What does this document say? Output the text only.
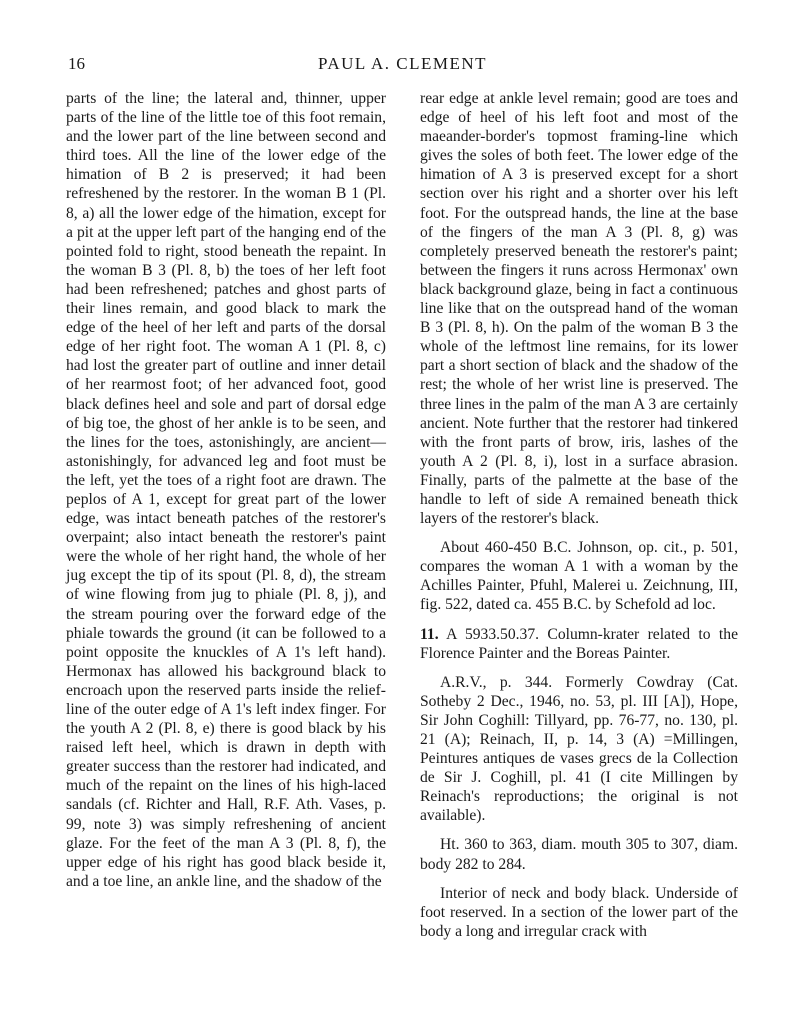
16	PAUL A. CLEMENT

parts of the line; the lateral and, thinner, upper parts of the line of the little toe of this foot remain, and the lower part of the line between second and third toes. All the line of the lower edge of the himation of B 2 is preserved; it had been refreshened by the restorer. In the woman B 1 (Pl. 8, a) all the lower edge of the himation, except for a pit at the upper left part of the hanging end of the pointed fold to right, stood beneath the repaint. In the woman B 3 (Pl. 8, b) the toes of her left foot had been refreshened; patches and ghost parts of their lines remain, and good black to mark the edge of the heel of her left and parts of the dorsal edge of her right foot. The woman A 1 (Pl. 8, c) had lost the greater part of outline and inner detail of her rearmost foot; of her advanced foot, good black defines heel and sole and part of dorsal edge of big toe, the ghost of her ankle is to be seen, and the lines for the toes, astonishingly, are ancient—astonishingly, for advanced leg and foot must be the left, yet the toes of a right foot are drawn. The peplos of A 1, except for great part of the lower edge, was intact beneath patches of the restorer's overpaint; also intact beneath the restorer's paint were the whole of her right hand, the whole of her jug except the tip of its spout (Pl. 8, d), the stream of wine flowing from jug to phiale (Pl. 8, j), and the stream pouring over the forward edge of the phiale towards the ground (it can be followed to a point opposite the knuckles of A 1's left hand). Hermonax has allowed his background black to encroach upon the reserved parts inside the relief-line of the outer edge of A 1's left index finger. For the youth A 2 (Pl. 8, e) there is good black by his raised left heel, which is drawn in depth with greater success than the restorer had indicated, and much of the repaint on the lines of his high-laced sandals (cf. Richter and Hall, R.F. Ath. Vases, p. 99, note 3) was simply refreshening of ancient glaze. For the feet of the man A 3 (Pl. 8, f), the upper edge of his right has good black beside it, and a toe line, an ankle line, and the shadow of the

rear edge at ankle level remain; good are toes and edge of heel of his left foot and most of the maeander-border's topmost framing-line which gives the soles of both feet. The lower edge of the himation of A 3 is preserved except for a short section over his right and a shorter over his left foot. For the outspread hands, the line at the base of the fingers of the man A 3 (Pl. 8, g) was completely preserved beneath the restorer's paint; between the fingers it runs across Hermonax' own black background glaze, being in fact a continuous line like that on the outspread hand of the woman B 3 (Pl. 8, h). On the palm of the woman B 3 the whole of the leftmost line remains, for its lower part a short section of black and the shadow of the rest; the whole of her wrist line is preserved. The three lines in the palm of the man A 3 are certainly ancient. Note further that the restorer had tinkered with the front parts of brow, iris, lashes of the youth A 2 (Pl. 8, i), lost in a surface abrasion. Finally, parts of the palmette at the base of the handle to left of side A remained beneath thick layers of the restorer's black.

About 460-450 B.C. Johnson, op. cit., p. 501, compares the woman A 1 with a woman by the Achilles Painter, Pfuhl, Malerei u. Zeichnung, III, fig. 522, dated ca. 455 B.C. by Schefold ad loc.

11. A 5933.50.37. Column-krater related to the Florence Painter and the Boreas Painter.

A.R.V., p. 344. Formerly Cowdray (Cat. Sotheby 2 Dec., 1946, no. 53, pl. III [A]), Hope, Sir John Coghill: Tillyard, pp. 76-77, no. 130, pl. 21 (A); Reinach, II, p. 14, 3 (A) =Millingen, Peintures antiques de vases grecs de la Collection de Sir J. Coghill, pl. 41 (I cite Millingen by Reinach's reproductions; the original is not available).

Ht. 360 to 363, diam. mouth 305 to 307, diam. body 282 to 284.

Interior of neck and body black. Underside of foot reserved. In a section of the lower part of the body a long and irregular crack with
